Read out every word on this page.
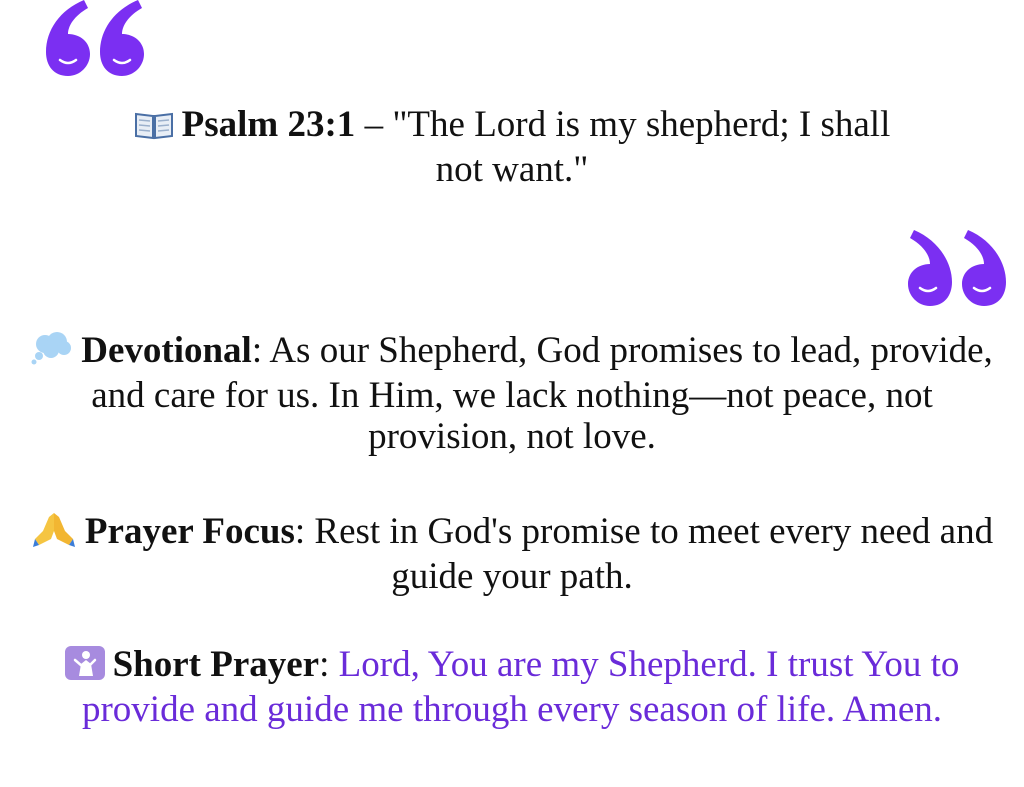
Psalm 23:1 – "The Lord is my shepherd; I shall not want."
Devotional: As our Shepherd, God promises to lead, provide, and care for us. In Him, we lack nothing—not peace, not provision, not love.
Prayer Focus: Rest in God's promise to meet every need and guide your path.
Short Prayer: Lord, You are my Shepherd. I trust You to provide and guide me through every season of life. Amen.
